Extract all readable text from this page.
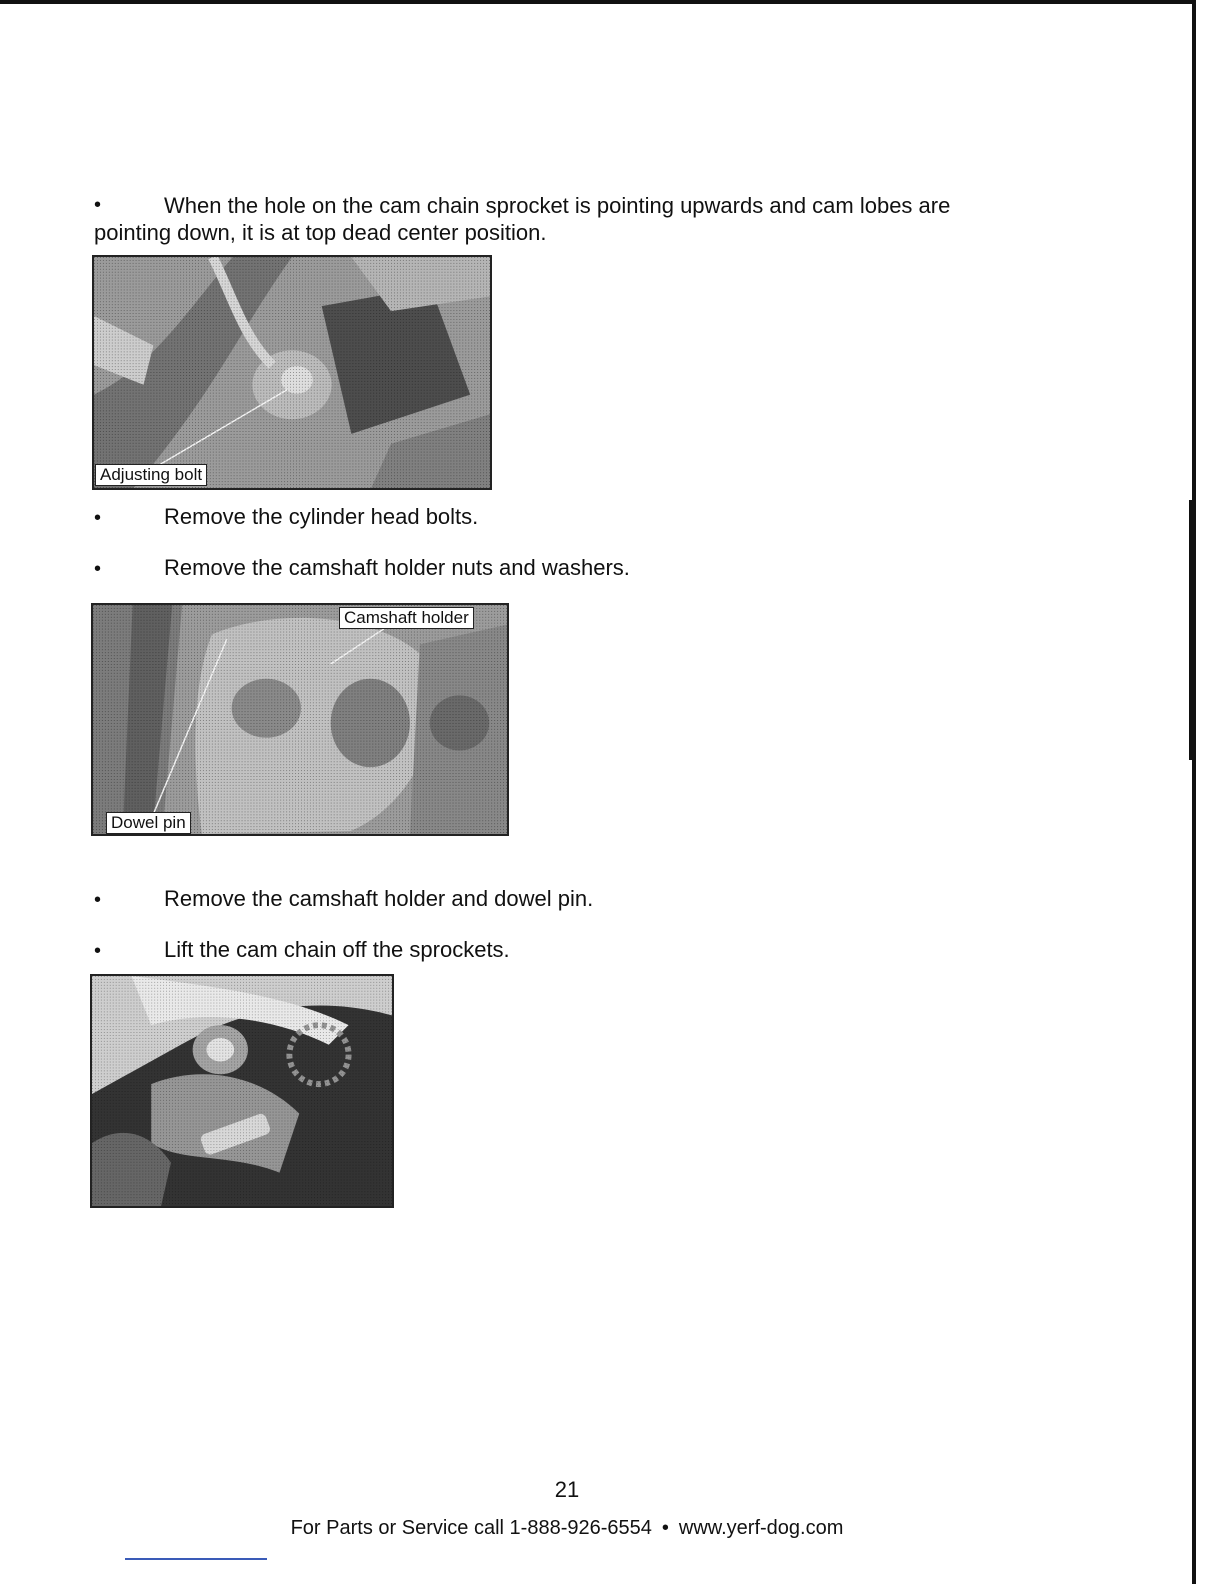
•	When the hole on the cam chain sprocket is pointing upwards and cam lobes are
pointing down, it is at top dead center position.
Adjusting bolt
•	Remove the cylinder head bolts.
•	Remove the camshaft holder nuts and washers.
Camshaft holder
Dowel pin
•	Remove the camshaft holder and dowel pin.
•	Lift the cam chain off the sprockets.
21
For Parts or Service call 1-888-926-6554 • www.yerf-dog.com
